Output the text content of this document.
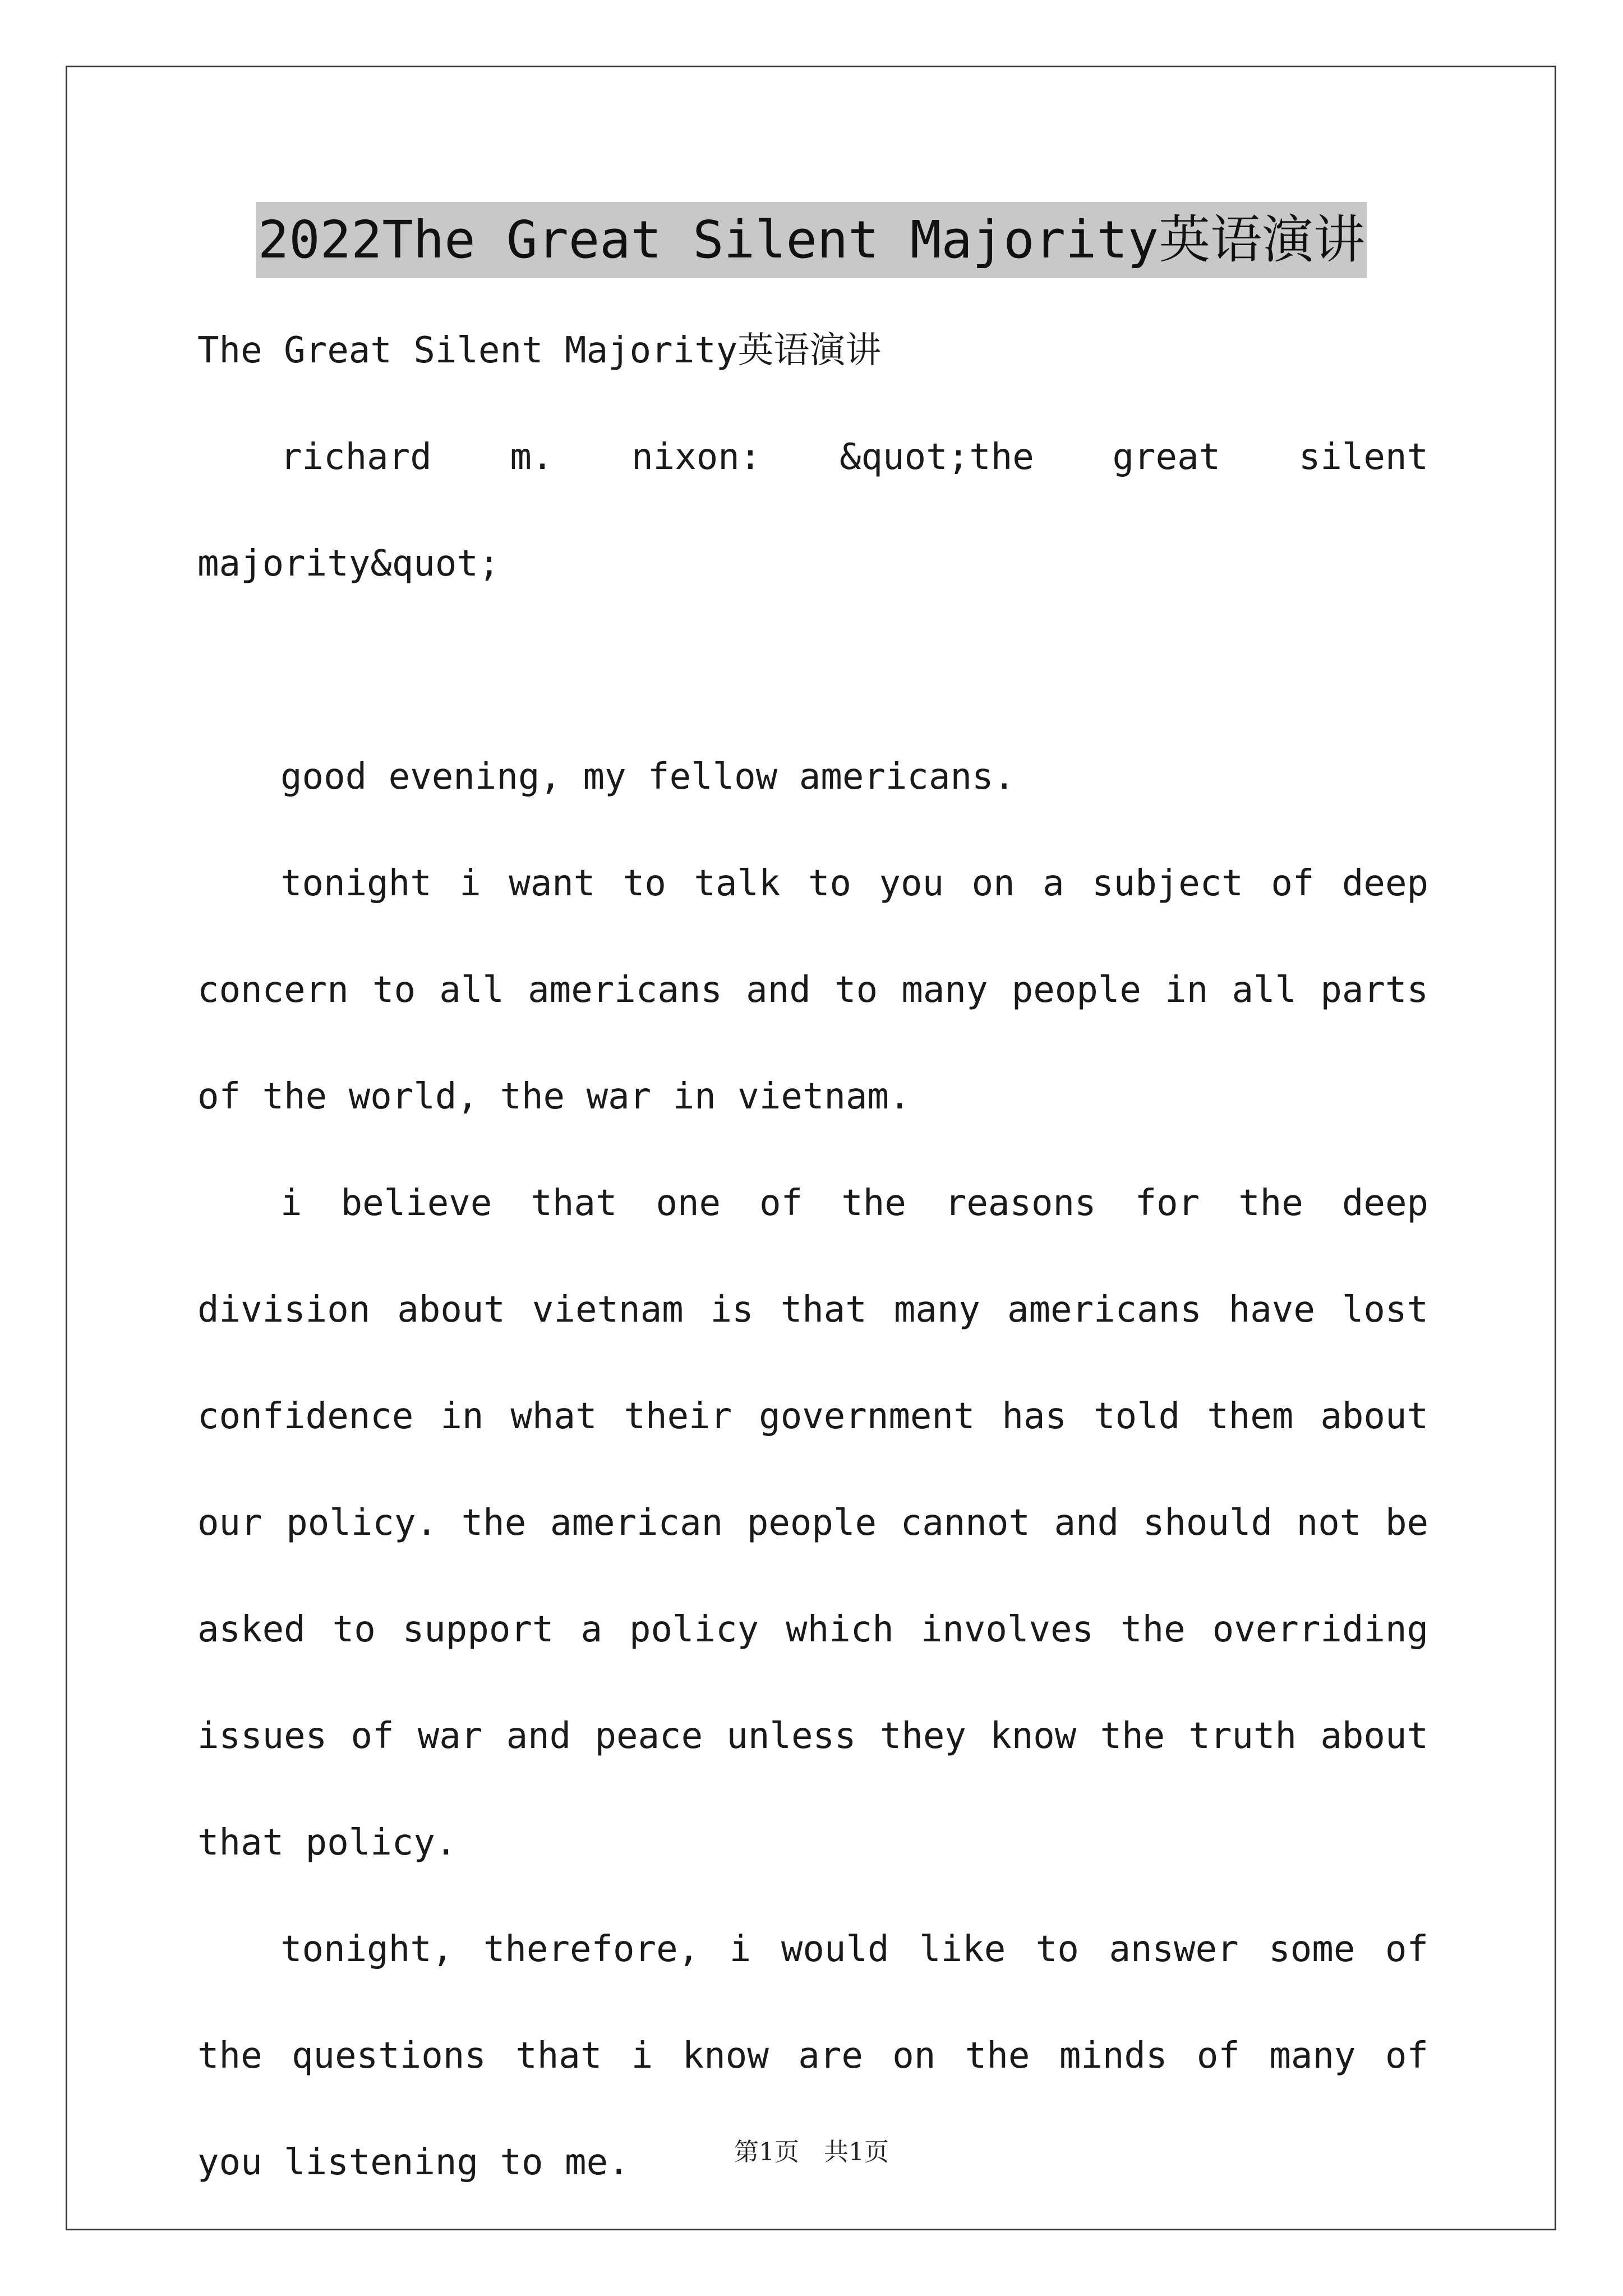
2022The Great Silent Majority英语演讲

The Great Silent Majority英语演讲

richard m. nixon: &quot;the great silent majority&quot;

good evening, my fellow americans.

tonight i want to talk to you on a subject of deep concern to all americans and to many people in all parts of the world, the war in vietnam.

i believe that one of the reasons for the deep division about vietnam is that many americans have lost confidence in what their government has told them about our policy. the american people cannot and should not be asked to support a policy which involves the overriding issues of war and peace unless they know the truth about that policy.

tonight, therefore, i would like to answer some of the questions that i know are on the minds of many of you listening to me.	第1页 共1页
